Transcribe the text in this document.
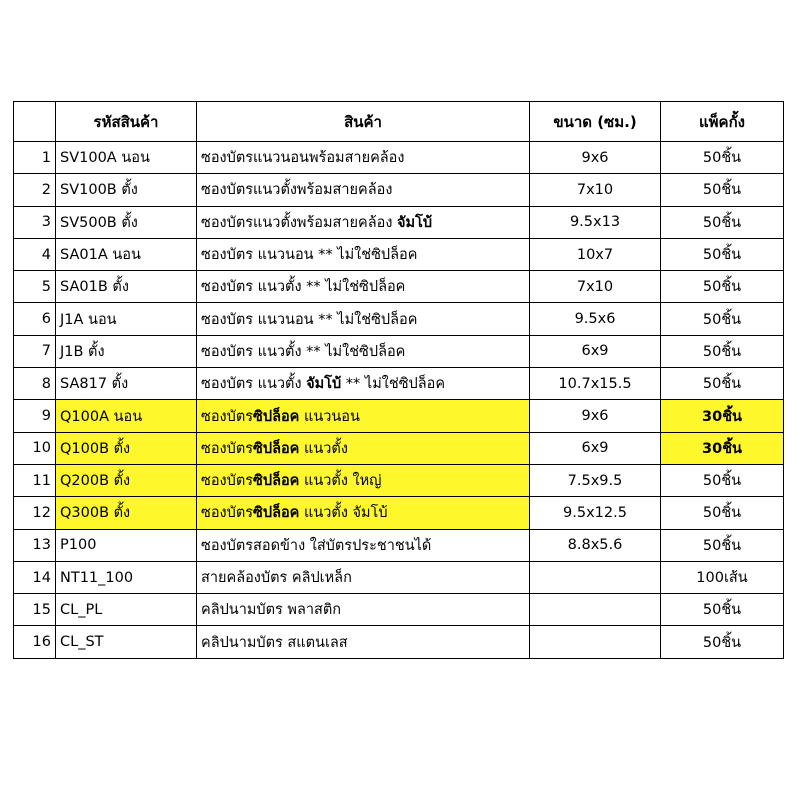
	รหัสสินค้า	สินค้า	ขนาด (ซม.)	แพ็คกั้ง
1	SV100A นอน	ซองบัตรแนวนอนพร้อมสายคล้อง	9x6	50ชิ้น
2	SV100B ตั้ง	ซองบัตรแนวตั้งพร้อมสายคล้อง	7x10	50ชิ้น
3	SV500B ตั้ง	ซองบัตรแนวตั้งพร้อมสายคล้อง จัมโบ้	9.5x13	50ชิ้น
4	SA01A นอน	ซองบัตร แนวนอน ** ไม่ใช่ซิปล็อค	10x7	50ชิ้น
5	SA01B ตั้ง	ซองบัตร แนวตั้ง ** ไม่ใช่ซิปล็อค	7x10	50ชิ้น
6	J1A นอน	ซองบัตร แนวนอน ** ไม่ใช่ซิปล็อค	9.5x6	50ชิ้น
7	J1B ตั้ง	ซองบัตร แนวตั้ง ** ไม่ใช่ซิปล็อค	6x9	50ชิ้น
8	SA817 ตั้ง	ซองบัตร แนวตั้ง จัมโบ้ ** ไม่ใช่ซิปล็อค	10.7x15.5	50ชิ้น
9	Q100A นอน	ซองบัตรซิปล็อค แนวนอน	9x6	30ชิ้น
10	Q100B ตั้ง	ซองบัตรซิปล็อค แนวตั้ง	6x9	30ชิ้น
11	Q200B ตั้ง	ซองบัตรซิปล็อค แนวตั้ง ใหญ่	7.5x9.5	50ชิ้น
12	Q300B ตั้ง	ซองบัตรซิปล็อค แนวตั้ง จัมโบ้	9.5x12.5	50ชิ้น
13	P100	ซองบัตรสอดข้าง ใส่บัตรประชาชนได้	8.8x5.6	50ชิ้น
14	NT11_100	สายคล้องบัตร คลิปเหล็ก		100เส้น
15	CL_PL	คลิปนามบัตร พลาสติก		50ชิ้น
16	CL_ST	คลิปนามบัตร สแตนเลส		50ชิ้น
